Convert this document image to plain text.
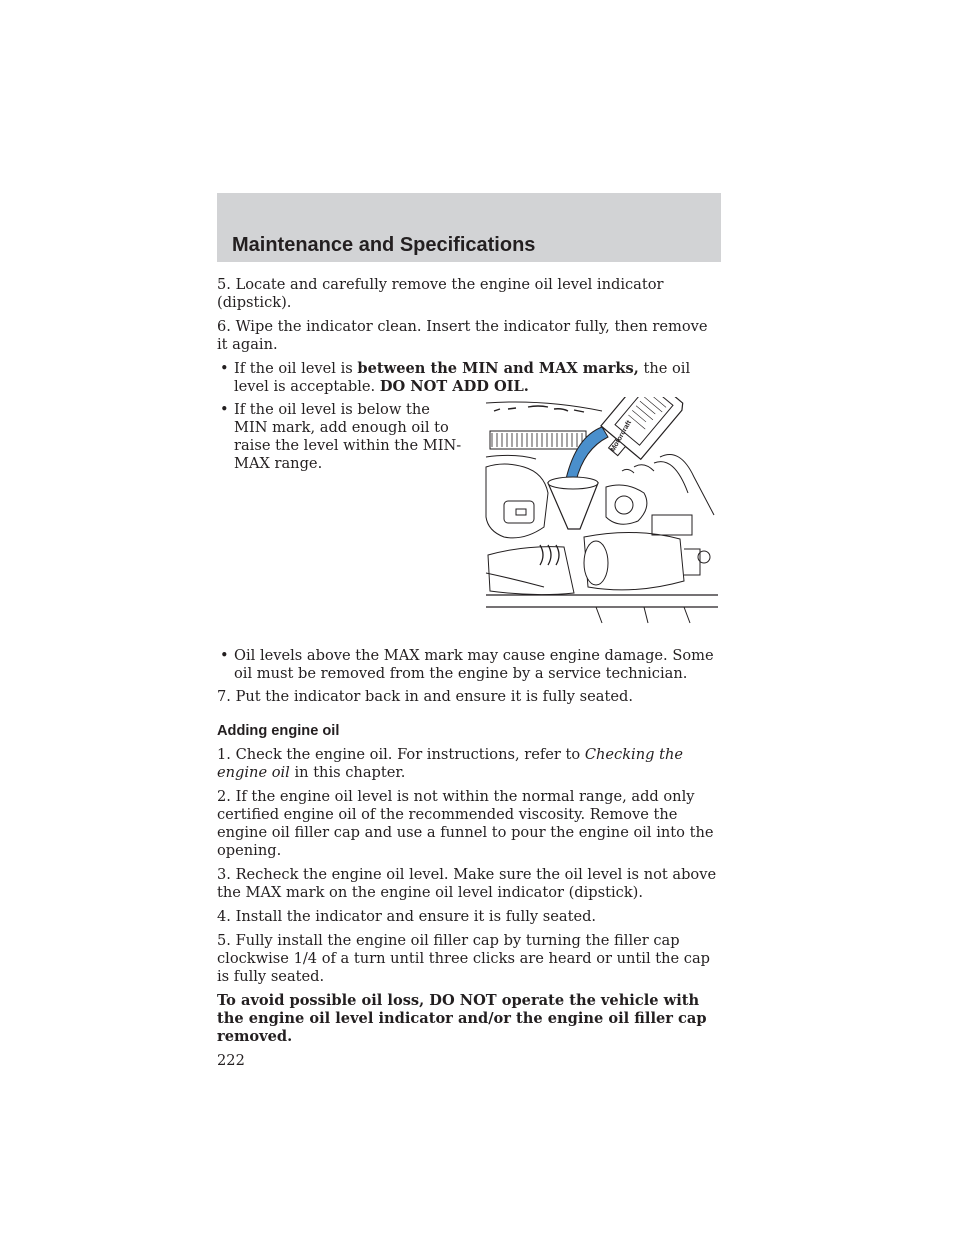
Maintenance and Specifications

5. Locate and carefully remove the engine oil level indicator (dipstick).

6. Wipe the indicator clean. Insert the indicator fully, then remove it again.

• If the oil level is between the MIN and MAX marks, the oil level is acceptable. DO NOT ADD OIL.

• If the oil level is below the MIN mark, add enough oil to raise the level within the MIN-MAX range.

Motorcraft

• Oil levels above the MAX mark may cause engine damage. Some oil must be removed from the engine by a service technician.

7. Put the indicator back in and ensure it is fully seated.

Adding engine oil

1. Check the engine oil. For instructions, refer to Checking the engine oil in this chapter.

2. If the engine oil level is not within the normal range, add only certified engine oil of the recommended viscosity. Remove the engine oil filler cap and use a funnel to pour the engine oil into the opening.

3. Recheck the engine oil level. Make sure the oil level is not above the MAX mark on the engine oil level indicator (dipstick).

4. Install the indicator and ensure it is fully seated.

5. Fully install the engine oil filler cap by turning the filler cap clockwise 1/4 of a turn until three clicks are heard or until the cap is fully seated.

To avoid possible oil loss, DO NOT operate the vehicle with the engine oil level indicator and/or the engine oil filler cap removed.

222
